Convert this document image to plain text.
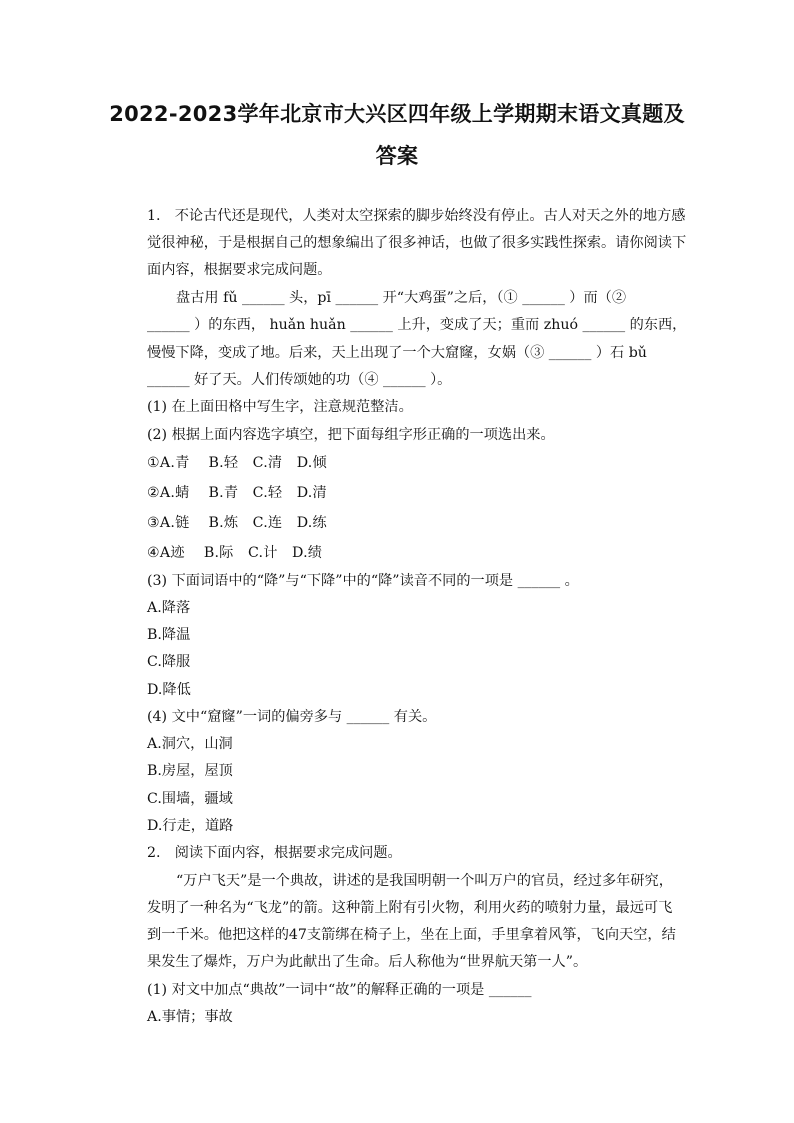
2022-2023学年北京市大兴区四年级上学期期末语文真题及
答案
1.　不论古代还是现代，人类对太空探索的脚步始终没有停止。古人对天之外的地方感
觉很神秘，于是根据自己的想象编出了很多神话，也做了很多实践性探索。请你阅读下
面内容，根据要求完成问题。
盘古用 fǔ ______ 头，pī ______ 开“大鸡蛋”之后，（① ______ ）而（②
______ ）的东西， huǎn huǎn ______ 上升，变成了天；重而 zhuó ______ 的东西，
慢慢下降，变成了地。后来，天上出现了一个大窟窿，女娲（③ ______ ）石 bǔ
______ 好了天。人们传颂她的功（④ ______ ）。
(1) 在上面田格中写生字，注意规范整洁。
(2) 根据上面内容选字填空，把下面每组字形正确的一项选出来。
①A.青　 B.轻　C.清　D.倾
②A.蜻　 B.青　C.轻　D.清
③A.链　 B.炼　C.连　D.练
④A迹　 B.际　C.计　D.绩
(3) 下面词语中的“降”与“下降”中的“降”读音不同的一项是 ______ 。
A.降落
B.降温
C.降服
D.降低
(4) 文中“窟窿”一词的偏旁多与 ______ 有关。
A.洞穴，山洞
B.房屋，屋顶
C.围墙，疆域
D.行走，道路
2.　阅读下面内容，根据要求完成问题。
“万户飞天”是一个典故，讲述的是我国明朝一个叫万户的官员，经过多年研究，
发明了一种名为“飞龙”的箭。这种箭上附有引火物，利用火药的喷射力量，最远可飞
到一千米。他把这样的47支箭绑在椅子上，坐在上面，手里拿着风筝，飞向天空，结
果发生了爆炸，万户为此献出了生命。后人称他为“世界航天第一人”。
(1) 对文中加点“典故”一词中“故”的解释正确的一项是 ______
A.事情；事故
